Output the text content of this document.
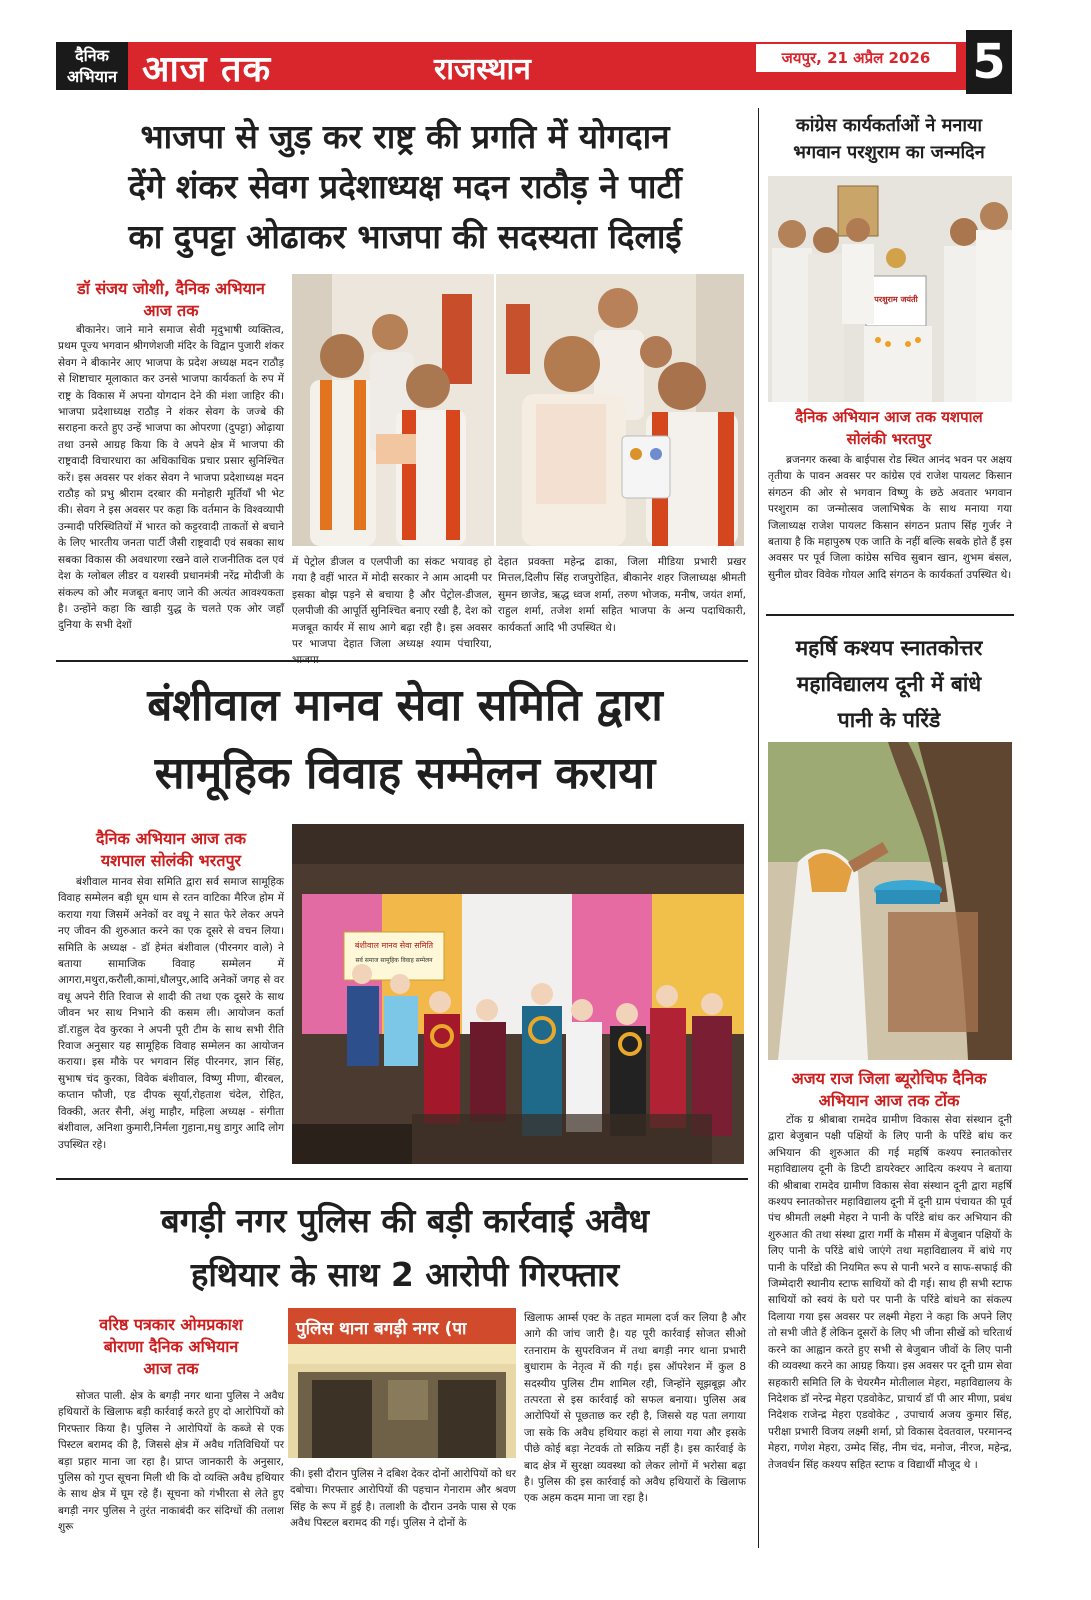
दैनिक
अभियान आज तक	राजस्थान	जयपुर, 21 अप्रैल 2026 5
भाजपा से जुड़ कर राष्ट्र की प्रगति में योगदान
देंगे शंकर सेवग प्रदेशाध्यक्ष मदन राठौड़ ने पार्टी
का दुपट्टा ओढाकर भाजपा की सदस्यता दिलाई
डॉ संजय जोशी, दैनिक अभियान
आज तक

बीकानेर। जाने माने समाज सेवी मृदुभाषी व्यक्तित्व, प्रथम पूज्य भगवान श्रीगणेशजी मंदिर के विद्वान पुजारी शंकर सेवग ने बीकानेर आए भाजपा के प्रदेश अध्यक्ष मदन राठौड़ से शिष्टाचार मूलाकात कर उनसे भाजपा कार्यकर्ता के रुप में राष्ट्र के विकास में अपना योगदान देने की मंशा जाहिर की। भाजपा प्रदेशाध्यक्ष राठौड़ ने शंकर सेवग के जज्बे की सराहना करते हुए उन्हें भाजपा का ओपरणा (दुपट्टा) ओढ़ाया तथा उनसे आग्रह किया कि वे अपने क्षेत्र में भाजपा की राष्ट्रवादी विचारधारा का अधिकाधिक प्रचार प्रसार सुनिश्चित करें। इस अवसर पर शंकर सेवग ने भाजपा प्रदेशाध्यक्ष मदन राठौड़ को प्रभु श्रीराम दरबार की मनोहारी मूर्तियाँ भी भेट की। सेवग ने इस अवसर पर कहा कि वर्तमान के विश्वव्यापी उन्मादी परिस्थितियों में भारत को कट्टरवादी ताकतों से बचाने के लिए भारतीय जनता पार्टी जैसी राष्ट्रवादी एवं सबका साथ सबका विकास की अवधारणा रखने वाले राजनीतिक दल एवं देश के ग्लोबल लीडर व यशस्वी प्रधानमंत्री नरेंद्र मोदीजी के संकल्प को और मजबूत बनाए जाने की अत्यंत आवश्यकता है। उन्होंने कहा कि खाड़ी युद्ध के चलते एक ओर जहाँ दुनिया के सभी देशों

में पेट्रोल डीजल व एलपीजी का संकट भयावह हो गया है वहीं भारत में मोदी सरकार ने आम आदमी पर इसका बोझ पड़ने से बचाया है और पेट्रोल-डीजल, एलपीजी की आपूर्ति सुनिश्चित बनाए रखी है, देश को मजबूत कार्यर में साथ आगे बढ़ा रही है। इस अवसर पर भाजपा देहात जिला अध्यक्ष श्याम पंचारिया,

देहात प्रवक्ता महेन्द्र ढाका, जिला मीडिया प्रभारी प्रखर मित्तल,दिलीप सिंह राजपुरोहित, बीकानेर शहर जिलाध्यक्ष श्रीमती सुमन छाजेड, ऋद्ध ध्वज शर्मा, तरुण भोजक, मनीष, जयंत शर्मा, राहुल शर्मा, तजेश शर्मा सहित भाजपा के अन्य पदाधिकारी, कार्यकर्ता आदि भी उपस्थित थे।

बंशीवाल मानव सेवा समिति द्वारा
सामूहिक विवाह सम्मेलन कराया
दैनिक अभियान आज तक
यशपाल सोलंकी भरतपुर

बंशीवाल मानव सेवा समिति द्वारा सर्व समाज सामूहिक विवाह सम्मेलन बड़ी धूम धाम से रतन वाटिका मैरिज होम में कराया गया जिसमें अनेकों वर वधू ने सात फेरे लेकर अपने नए जीवन की शुरुआत करने का एक दूसरे से वचन लिया।समिति के अध्यक्ष - डॉ हेमंत बंशीवाल (पीरनगर वाले) ने बताया सामाजिक विवाह सम्मेलन में आगरा,मथुरा,करौली,कामां,धौलपुर,आदि अनेकों जगह से वर वधू अपने रीति रिवाज से शादी की तथा एक दूसरे के साथ जीवन भर साथ निभाने की कसम ली। आयोजन कर्ता डॉ.राहुल देव कुरका ने अपनी पूरी टीम के साथ सभी रीति रिवाज अनुसार यह सामूहिक विवाह सम्मेलन का आयोजन कराया। इस मौके पर भगवान सिंह पीरनगर, ज्ञान सिंह, सुभाष चंद कुरका, विवेक बंशीवाल, विष्णु मीणा, बीरबल, कप्तान फौजी, एड दीपक सूर्या,रोहताश चंदेल, रोहित, विक्की, अतर सैनी, अंशु माहौर, महिला अध्यक्ष - संगीता बंशीवाल, अनिशा कुमारी,निर्मला गुहाना,मधु डागुर आदि लोग उपस्थित रहे।

बंशीवाल मानव सेवा समिति
सर्व समाज सामूहिक विवाह सम्मेलन
बगड़ी नगर पुलिस की बड़ी कार्रवाई अवैध
हथियार के साथ 2 आरोपी गिरफ्तार
वरिष्ठ पत्रकार ओमप्रकाश
बोराणा दैनिक अभियान
आज तक

सोजत पाली. क्षेत्र के बगड़ी नगर थाना पुलिस ने अवैध हथियारों के खिलाफ बड़ी कार्रवाई करते हुए दो आरोपियों को गिरफ्तार किया है। पुलिस ने आरोपियों के कब्जे से एक पिस्टल बरामद की है, जिससे क्षेत्र में अवैध गतिविधियों पर बड़ा प्रहार माना जा रहा है। प्राप्त जानकारी के अनुसार, पुलिस को गुप्त सूचना मिली थी कि दो व्यक्ति अवैध हथियार के साथ क्षेत्र में घूम रहे हैं। सूचना को गंभीरता से लेते हुए बगड़ी नगर पुलिस ने तुरंत नाकाबंदी कर संदिग्धों की तलाश शुरू

पुलिस थाना बगड़ी नगर (पा

की। इसी दौरान पुलिस ने दबिश देकर दोनों आरोपियों को धर दबोचा। गिरफ्तार आरोपियों की पहचान गेनाराम और श्रवण सिंह के रूप में हुई है। तलाशी के दौरान उनके पास से एक अवैध पिस्टल बरामद की गई। पुलिस ने दोनों के

खिलाफ आर्म्स एक्ट के तहत मामला दर्ज कर लिया है और आगे की जांच जारी है। यह पूरी कार्रवाई सोजत सीओ रतनाराम के सुपरविजन में तथा बगड़ी नगर थाना प्रभारी बुधाराम के नेतृत्व में की गई। इस ऑपरेशन में कुल 8 सदस्यीय पुलिस टीम शामिल रही, जिन्होंने सूझबूझ और तत्परता से इस कार्रवाई को सफल बनाया। पुलिस अब आरोपियों से पूछताछ कर रही है, जिससे यह पता लगाया जा सके कि अवैध हथियार कहां से लाया गया और इसके पीछे कोई बड़ा नेटवर्क तो सक्रिय नहीं है। इस कार्रवाई के बाद क्षेत्र में सुरक्षा व्यवस्था को लेकर लोगों में भरोसा बढ़ा है। पुलिस की इस कार्रवाई को अवैध हथियारों के खिलाफ एक अहम कदम माना जा रहा है।

कांग्रेस कार्यकर्ताओं ने मनाया
भगवान परशुराम का जन्मदिन
परशुराम जयंती
दैनिक अभियान आज तक यशपाल
सोलंकी भरतपुर

ब्रजनगर कस्बा के बाईपास रोड स्थित आनंद भवन पर अक्षय तृतीया के पावन अवसर पर कांग्रेस एवं राजेश पायलट किसान संगठन की ओर से भगवान विष्णु के छठे अवतार भगवान परशुराम का जन्मोत्सव जलाभिषेक के साथ मनाया गया जिलाध्यक्ष राजेश पायलट किसान संगठन प्रताप सिंह गुर्जर ने बताया है कि महापुरुष एक जाति के नहीं बल्कि सबके होते हैं इस अवसर पर पूर्व जिला कांग्रेस सचिव सुबान खान, शुभम बंसल, सुनील ग्रोवर विवेक गोयल आदि संगठन के कार्यकर्ता उपस्थित थे।

महर्षि कश्यप स्नातकोत्तर
महाविद्यालय दूनी में बांधे
पानी के परिंडे
अजय राज जिला ब्यूरोचिफ दैनिक
अभियान आज तक टोंक

टोंक ग्र श्रीबाबा रामदेव ग्रामीण विकास सेवा संस्थान दूनी द्वारा बेजुबान पक्षी पक्षियों के लिए पानी के परिंडे बांध कर अभियान की शुरुआत की गई महर्षि कश्यप स्नातकोत्तर महाविद्यालय दूनी के डिप्टी डायरेक्टर आदित्य कश्यप ने बताया की श्रीबाबा रामदेव ग्रामीण विकास सेवा संस्थान दूनी द्वारा महर्षि कश्यप स्नातकोत्तर महाविद्यालय दूनी में दूनी ग्राम पंचायत की पूर्व पंच श्रीमती लक्ष्मी मेहरा ने पानी के परिंडे बांध कर अभियान की शुरुआत की तथा संस्था द्वारा गर्मी के मौसम में बेजुबान पक्षियों के लिए पानी के परिंडे बांधे जाएंगे तथा महाविद्यालय में बांधे गए पानी के परिंडो की नियमित रूप से पानी भरने व साफ-सफाई की जिम्मेदारी स्थानीय स्टाफ साथियों को दी गई। साथ ही सभी स्टाफ साथियों को स्वयं के घरो पर पानी के परिंडे बांधने का संकल्प दिलाया गया इस अवसर पर लक्ष्मी मेहरा ने कहा कि अपने लिए तो सभी जीते हैं लेकिन दूसरों के लिए भी जीना सीखें को चरितार्थ करने का आह्वान करते हुए सभी से बेजुबान जीवों के लिए पानी की व्यवस्था करने का आग्रह किया। इस अवसर पर दूनी ग्राम सेवा सहकारी समिति लि के चेयरमैन मोतीलाल मेहरा, महाविद्यालय के निदेशक डॉ नरेन्द्र मेहरा एडवोकेट, प्राचार्य डॉ पी आर मीणा, प्रबंध निदेशक राजेन्द्र मेहरा एडवोकेट , उपाचार्य अजय कुमार सिंह, परीक्षा प्रभारी विजय लक्ष्मी शर्मा, प्रो विकास देवतवाल, परमानन्द मेहरा, गणेश मेहरा, उम्मेद सिंह, नीम चंद, मनोज, नीरज, महेन्द्र, तेजवर्धन सिंह कश्यप सहित स्टाफ व विद्यार्थी मौजूद थे ।
